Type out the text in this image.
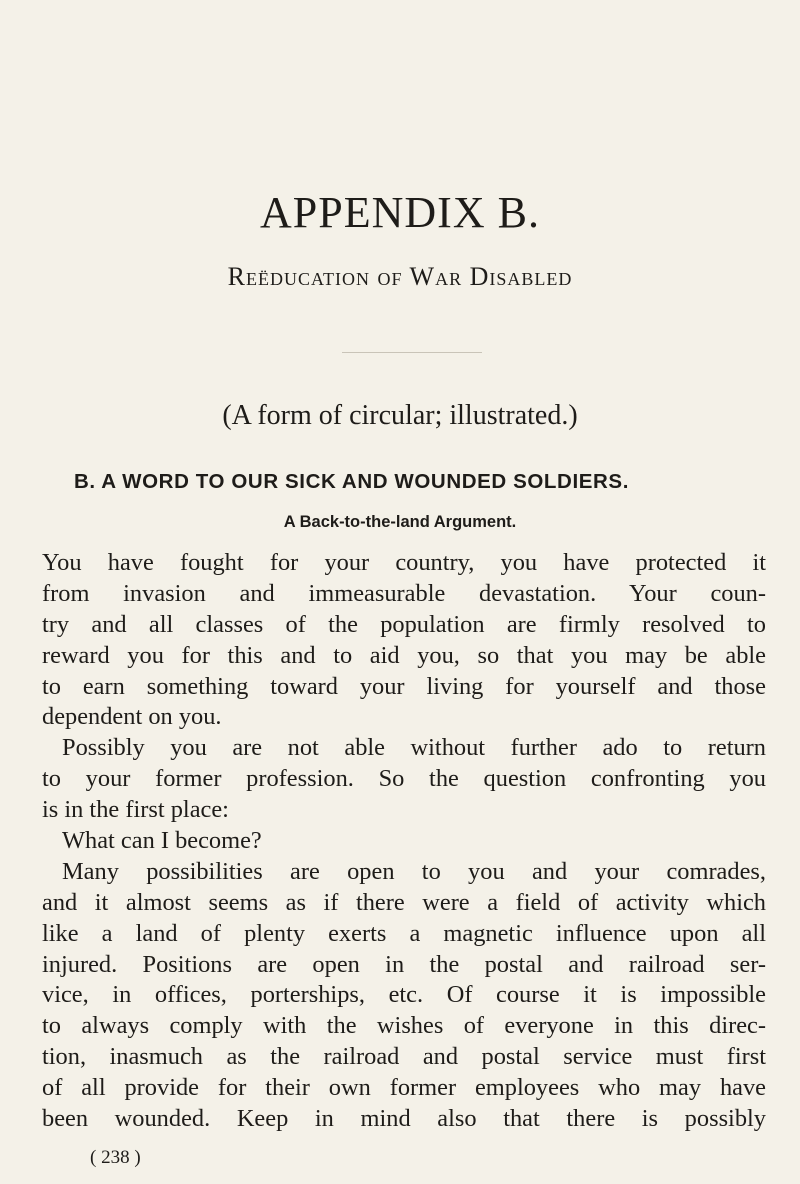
APPENDIX B.
Reëducation of War Disabled
(A form of circular; illustrated.)
B. A WORD TO OUR SICK AND WOUNDED SOLDIERS.
A Back-to-the-land Argument.
You have fought for your country, you have protected it
from invasion and immeasurable devastation. Your coun-
try and all classes of the population are firmly resolved to
reward you for this and to aid you, so that you may be able
to earn something toward your living for yourself and those
dependent on you.
Possibly you are not able without further ado to return
to your former profession. So the question confronting you
is in the first place:
What can I become?
Many possibilities are open to you and your comrades,
and it almost seems as if there were a field of activity which
like a land of plenty exerts a magnetic influence upon all
injured. Positions are open in the postal and railroad ser-
vice, in offices, porterships, etc. Of course it is impossible
to always comply with the wishes of everyone in this direc-
tion, inasmuch as the railroad and postal service must first
of all provide for their own former employees who may have
been wounded. Keep in mind also that there is possibly
( 238 )
